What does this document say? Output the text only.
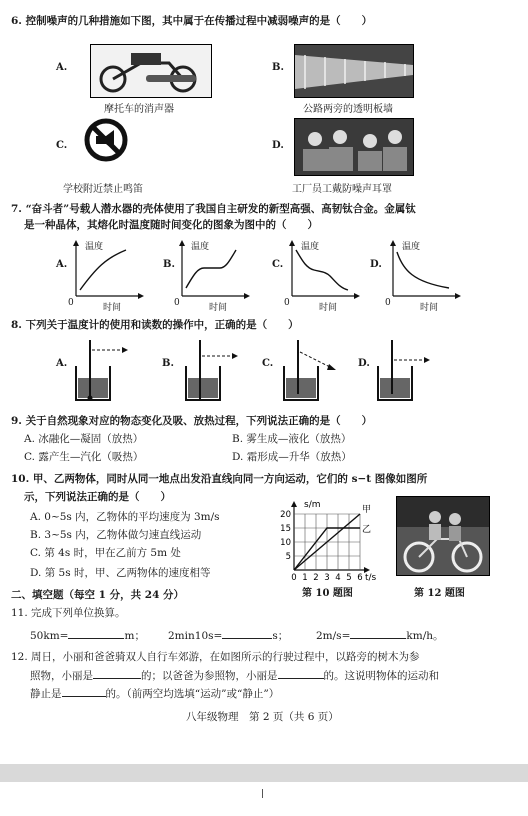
6. 控制噪声的几种措施如下图，其中属于在传播过程中减弱噪声的是（　　）
A.
摩托车的消声器
B.
公路两旁的透明板墙
C.
学校附近禁止鸣笛
D.
工厂员工戴防噪声耳罩
7. “奋斗者”号载人潜水器的壳体使用了我国自主研发的新型高强、高韧钛合金。金属钛
是一种晶体，其熔化时温度随时间变化的图象为图中的（　　）
A.
温度
0	时间
B.
温度
0	时间
C.
温度
0	时间
D.
温度
0	时间
8. 下列关于温度计的使用和读数的操作中，正确的是（　　）
A.	B.	C.	D.
9. 关于自然现象对应的物态变化及吸、放热过程，下列说法正确的是（　　）
A. 冰融化—凝固（放热）	B. 雾生成—液化（放热）
C. 露产生—汽化（吸热）	D. 霜形成—升华（放热）
10. 甲、乙两物体，同时从同一地点出发沿直线向同一方向运动，它们的 s−t 图像如图所
示，下列说法正确的是（　　）
A. 0~5s 内，乙物体的平均速度为 3m/s
B. 3~5s 内，乙物体做匀速直线运动
C. 第 4s 时，甲在乙前方 5m 处
D. 第 5s 时，甲、乙两物体的速度相等
s/m
t/s
5
10
15
20
0 1 2 3 4 5 6
甲
乙
第 10 题图	第 12 题图
二、填空题（每空 1 分，共 24 分）
11. 完成下列单位换算。
50km=	m； 2min10s=	s；	2m/s=	km/h。
12. 周日，小丽和爸爸骑双人自行车郊游，在如图所示的行驶过程中，以路旁的树木为参
照物，小丽是	的；以爸爸为参照物，小丽是	的。这说明物体的运动和
静止是	的。（前两空均选填“运动”或“静止”）
八年级物理　第 2 页（共 6 页）
